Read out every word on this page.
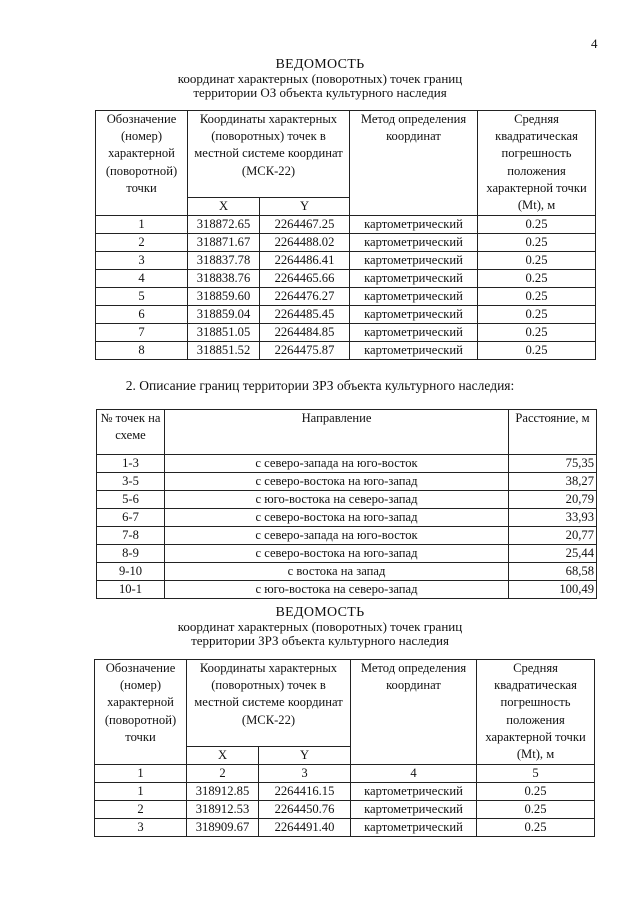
4
ВЕДОМОСТЬ
координат характерных (поворотных) точек границ
территории ОЗ объекта культурного наследия
Обозначение (номер) характерной (поворотной) точки	Координаты характерных (поворотных) точек в местной системе координат (МСК-22)		Метод определения координат	Средняя квадратическая погрешность положения характерной точки (Mt), м
	X	Y		
1	318872.65	2264467.25	картометрический	0.25
2	318871.67	2264488.02	картометрический	0.25
3	318837.78	2264486.41	картометрический	0.25
4	318838.76	2264465.66	картометрический	0.25
5	318859.60	2264476.27	картометрический	0.25
6	318859.04	2264485.45	картометрический	0.25
7	318851.05	2264484.85	картометрический	0.25
8	318851.52	2264475.87	картометрический	0.25
2. Описание границ территории ЗРЗ объекта культурного наследия:
№ точек на схеме	Направление	Расстояние, м
1-3	с северо-запада на юго-восток	75,35
3-5	с северо-востока на юго-запад	38,27
5-6	с юго-востока на северо-запад	20,79
6-7	с северо-востока на юго-запад	33,93
7-8	с северо-запада на юго-восток	20,77
8-9	с северо-востока на юго-запад	25,44
9-10	с востока на запад	68,58
10-1	с юго-востока на северо-запад	100,49
ВЕДОМОСТЬ
координат характерных (поворотных) точек границ
территории ЗРЗ объекта культурного наследия
Обозначение (номер) характерной (поворотной) точки	Координаты характерных (поворотных) точек в местной системе координат (МСК-22)		Метод определения координат	Средняя квадратическая погрешность положения характерной точки (Mt), м
	X	Y		
1	2	3	4	5
1	318912.85	2264416.15	картометрический	0.25
2	318912.53	2264450.76	картометрический	0.25
3	318909.67	2264491.40	картометрический	0.25
